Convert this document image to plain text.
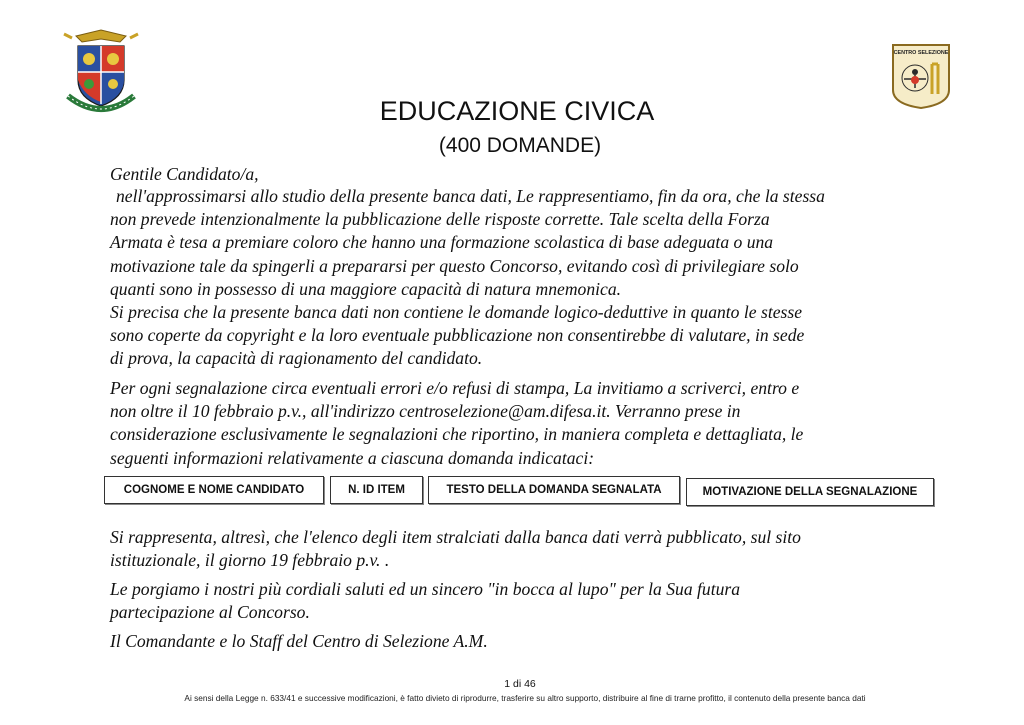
CENTRO SELEZIONE
EDUCAZIONE CIVICA
(400 DOMANDE)

Gentile Candidato/a,

nell'approssimarsi allo studio della presente banca dati, Le rappresentiamo, fin da ora, che la stessa

non prevede intenzionalmente la pubblicazione delle risposte corrette. Tale scelta della Forza

Armata è tesa a premiare coloro che hanno una formazione scolastica di base adeguata o una

motivazione tale da spingerli a prepararsi per questo Concorso, evitando così di privilegiare solo

quanti sono in possesso di una maggiore capacità di natura mnemonica.

Si precisa che la presente banca dati non contiene le domande logico-deduttive in quanto le stesse

sono coperte da copyright e la loro eventuale pubblicazione non consentirebbe di valutare, in sede

di prova, la capacità di ragionamento del candidato.

Per ogni segnalazione circa eventuali errori e/o refusi di stampa, La invitiamo a scriverci, entro e

non oltre il 10 febbraio p.v., all'indirizzo centroselezione@am.difesa.it. Verranno prese in

considerazione esclusivamente le segnalazioni che riportino, in maniera completa e dettagliata, le

seguenti informazioni relativamente a ciascuna domanda indicataci:

COGNOME E NOME CANDIDATO	N. ID ITEM	TESTO DELLA DOMANDA SEGNALATA	MOTIVAZIONE DELLA SEGNALAZIONE

Si rappresenta, altresì, che l'elenco degli item stralciati dalla banca dati verrà pubblicato, sul sito

istituzionale, il giorno 19 febbraio p.v. .

Le porgiamo i nostri più cordiali saluti ed un sincero "in bocca al lupo" per la Sua futura

partecipazione al Concorso.

Il Comandante e lo Staff del Centro di Selezione A.M.

1 di 46
Ai sensi della Legge n. 633/41 e successive modificazioni, è fatto divieto di riprodurre, trasferire su altro supporto, distribuire al fine di trarne profitto, il contenuto della presente banca dati
